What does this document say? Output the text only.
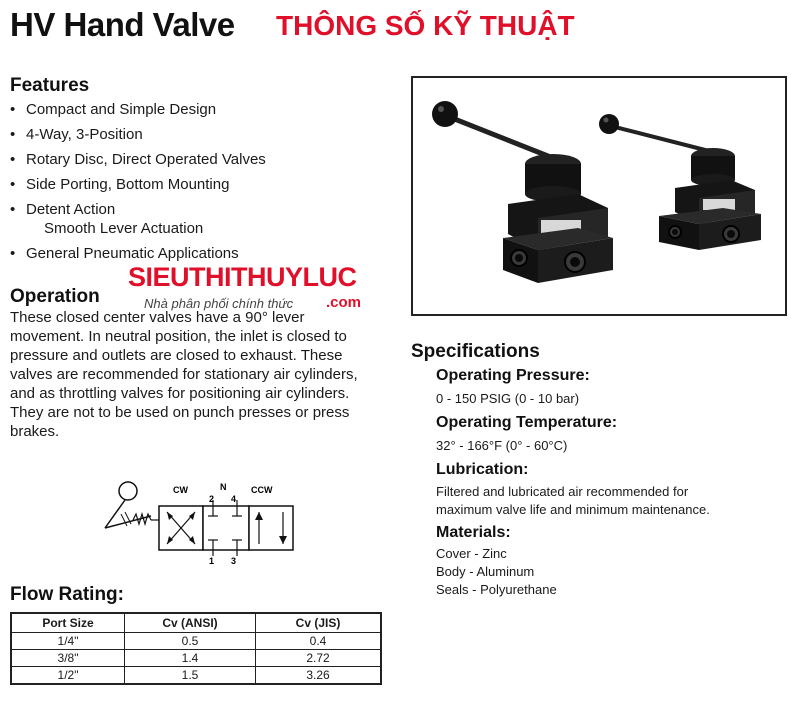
HV Hand Valve THÔNG SỐ KỸ THUẬT
Features
• Compact and Simple Design
• 4-Way, 3-Position
• Rotary Disc, Direct Operated Valves
• Side Porting, Bottom Mounting
• Detent Action
Smooth Lever Actuation
• General Pneumatic Applications
SIEUTHITHUYLUC
Nhà phân phối chính thức .com
Operation
These closed center valves have a 90° lever movement. In neutral position, the inlet is closed to pressure and outlets are closed to exhaust. These valves are recommended for stationary air cylinders, and as throttling valves for positioning air cylinders. They are not to be used on punch presses or press brakes.
CW	N	CCW
2 4
1 3
Flow Rating:
Port Size	Cv (ANSI)	Cv (JIS)
1/4"	0.5	0.4
3/8"	1.4	2.72
1/2"	1.5	3.26
Specifications
Operating Pressure:
0 - 150 PSIG (0 - 10 bar)
Operating Temperature:
32° - 166°F (0° - 60°C)
Lubrication:
Filtered and lubricated air recommended for
maximum valve life and minimum maintenance.
Materials:
Cover - Zinc
Body - Aluminum
Seals - Polyurethane
